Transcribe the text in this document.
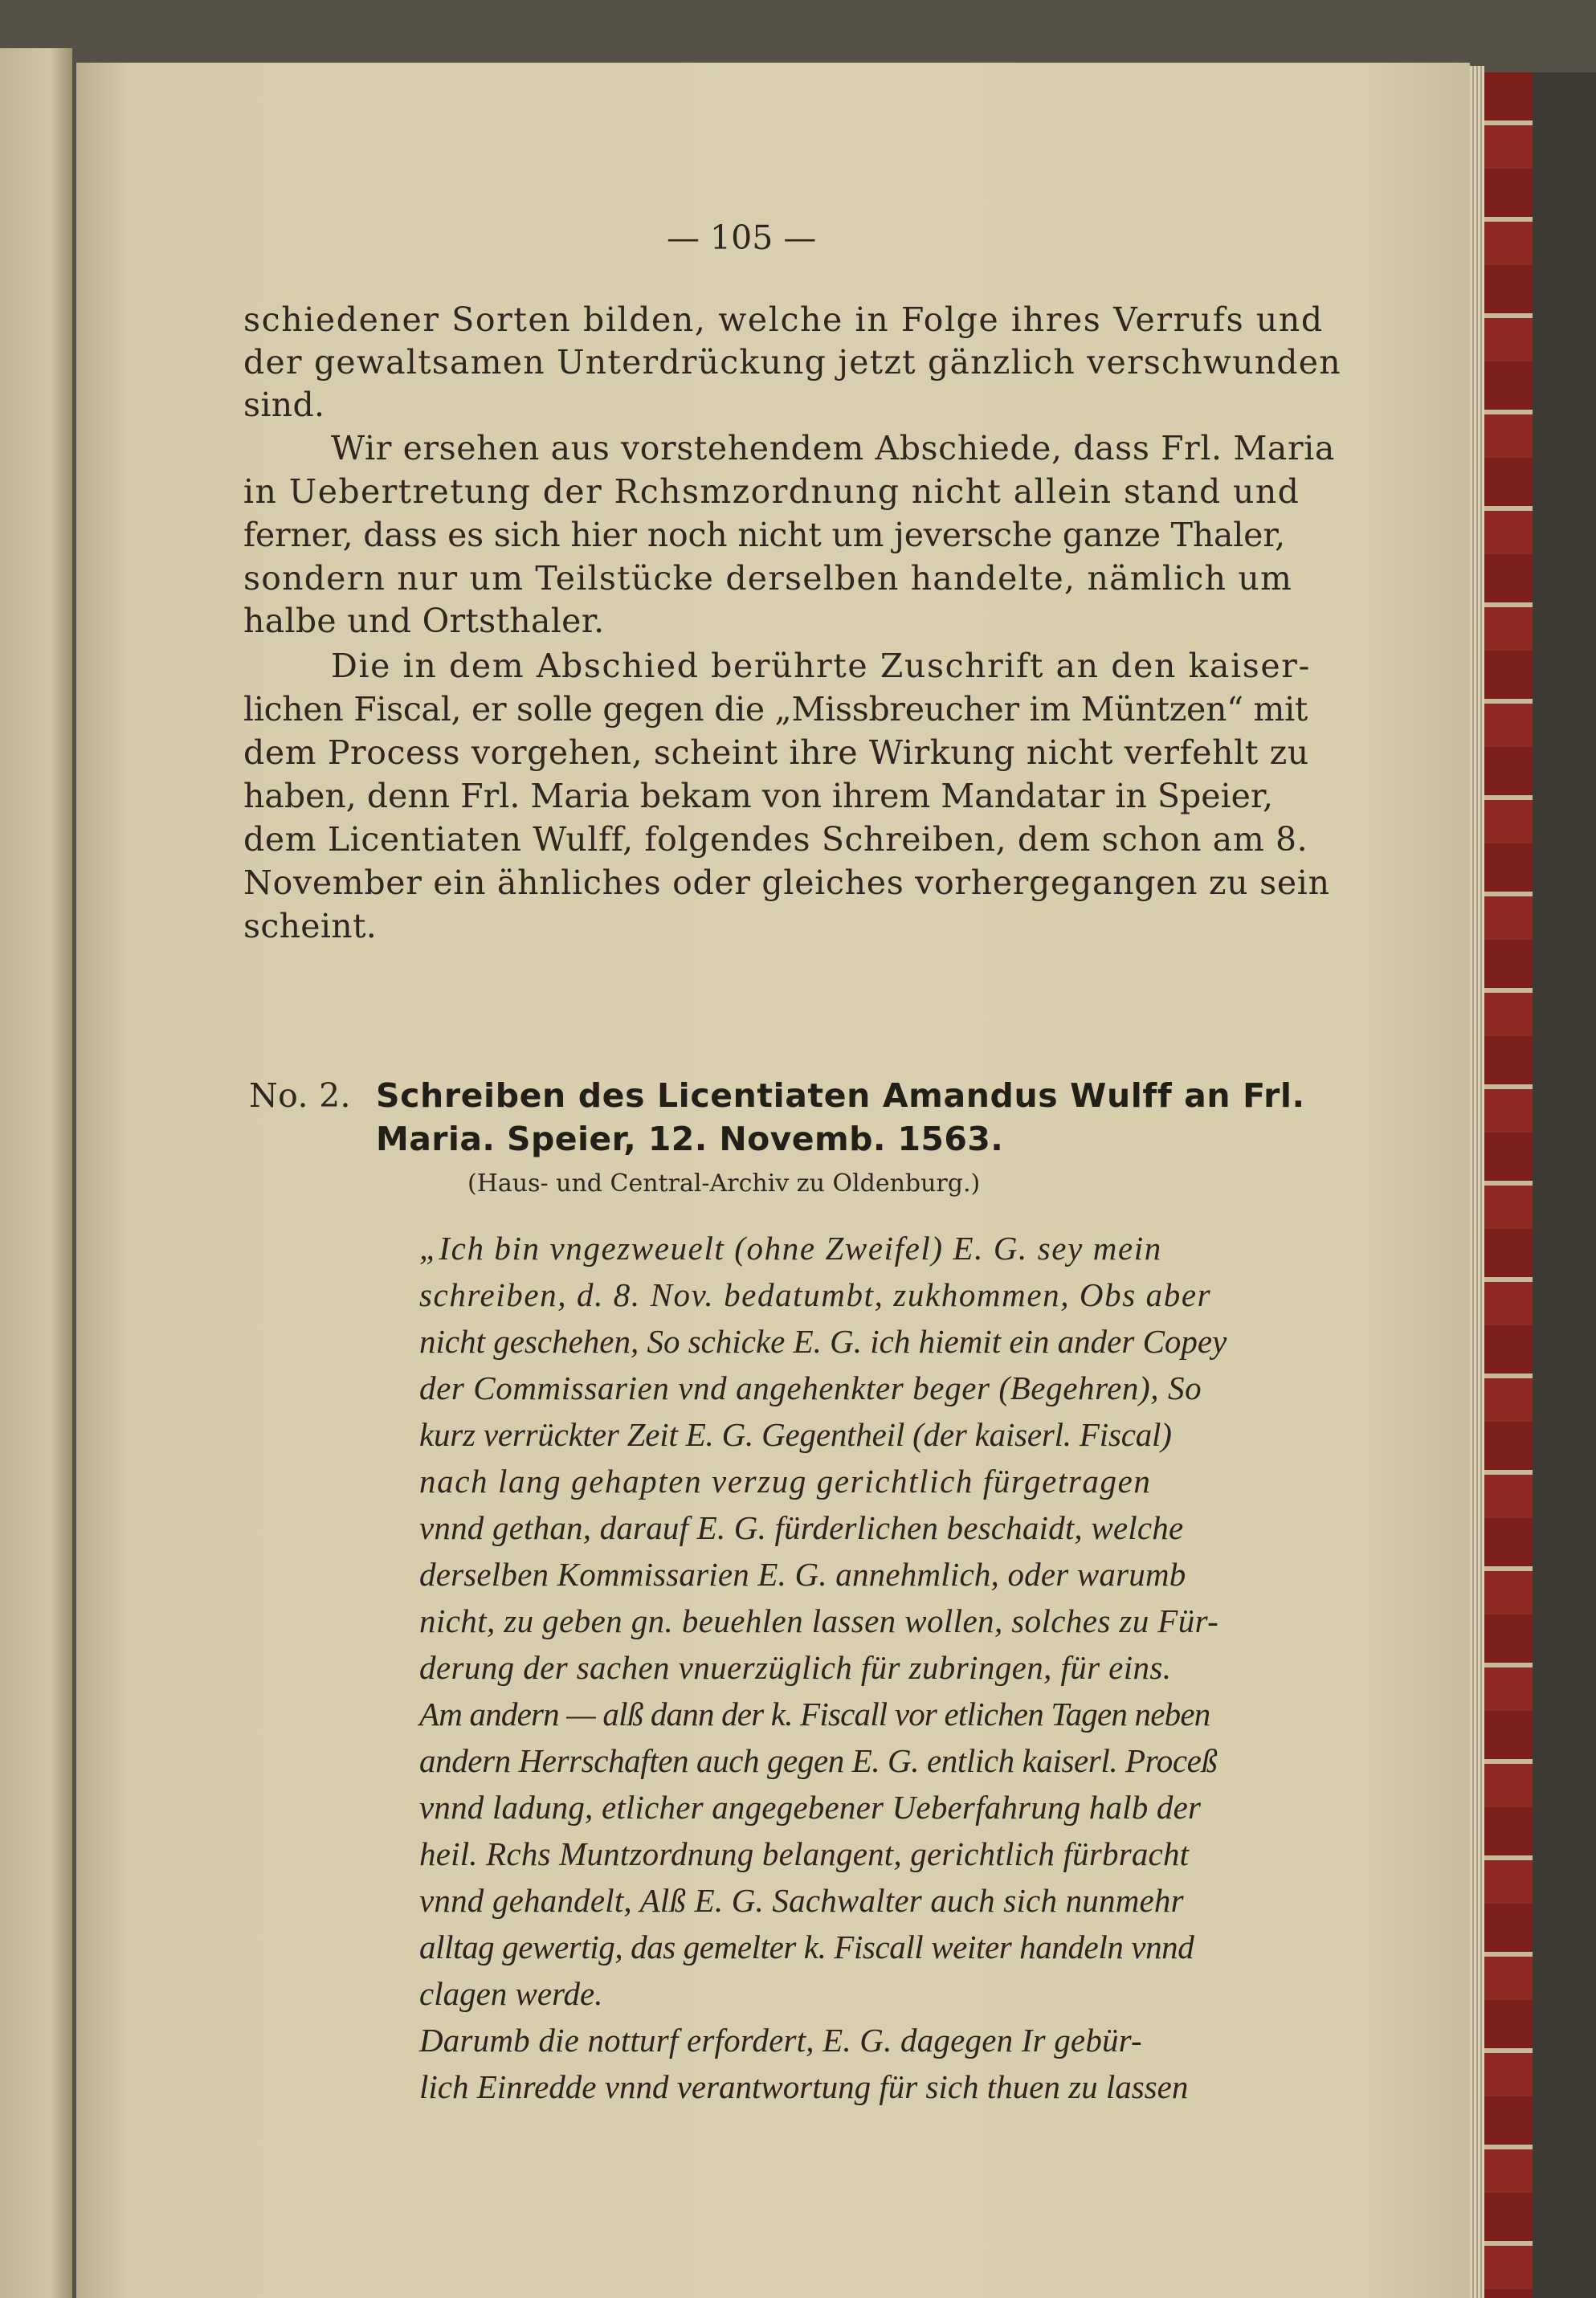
— 105 —
schiedener Sorten bilden, welche in Folge ihres Verrufs und
der gewaltsamen Unterdrückung jetzt gänzlich verschwunden
sind.
Wir ersehen aus vorstehendem Abschiede, dass Frl. Maria
in Uebertretung der Rchsmzordnung nicht allein stand und
ferner, dass es sich hier noch nicht um jeversche ganze Thaler,
sondern nur um Teilstücke derselben handelte, nämlich um
halbe und Ortsthaler.
Die in dem Abschied berührte Zuschrift an den kaiser-
lichen Fiscal, er solle gegen die „Missbreucher im Müntzen“ mit
dem Process vorgehen, scheint ihre Wirkung nicht verfehlt zu
haben, denn Frl. Maria bekam von ihrem Mandatar in Speier,
dem Licentiaten Wulff, folgendes Schreiben, dem schon am 8.
November ein ähnliches oder gleiches vorhergegangen zu sein
scheint.
No. 2. Schreiben des Licentiaten Amandus Wulff an Frl.
Maria. Speier, 12. Novemb. 1563.
(Haus- und Central-Archiv zu Oldenburg.)
„Ich bin vngezweuelt (ohne Zweifel) E. G. sey mein
schreiben, d. 8. Nov. bedatumbt, zukhommen, Obs aber
nicht geschehen, So schicke E. G. ich hiemit ein ander Copey
der Commissarien vnd angehenkter beger (Begehren), So
kurz verrückter Zeit E. G. Gegentheil (der kaiserl. Fiscal)
nach lang gehapten verzug gerichtlich fürgetragen
vnnd gethan, darauf E. G. fürderlichen beschaidt, welche
derselben Kommissarien E. G. annehmlich, oder warumb
nicht, zu geben gn. beuehlen lassen wollen, solches zu Für-
derung der sachen vnuerzüglich für zubringen, für eins.
Am andern — alß dann der k. Fiscall vor etlichen Tagen neben
andern Herrschaften auch gegen E. G. entlich kaiserl. Proceß
vnnd ladung, etlicher angegebener Ueberfahrung halb der
heil. Rchs Muntzordnung belangent, gerichtlich fürbracht
vnnd gehandelt, Alß E. G. Sachwalter auch sich nunmehr
alltag gewertig, das gemelter k. Fiscall weiter handeln vnnd
clagen werde.
Darumb die notturf erfordert, E. G. dagegen Ir gebür-
lich Einredde vnnd verantwortung für sich thuen zu lassen
